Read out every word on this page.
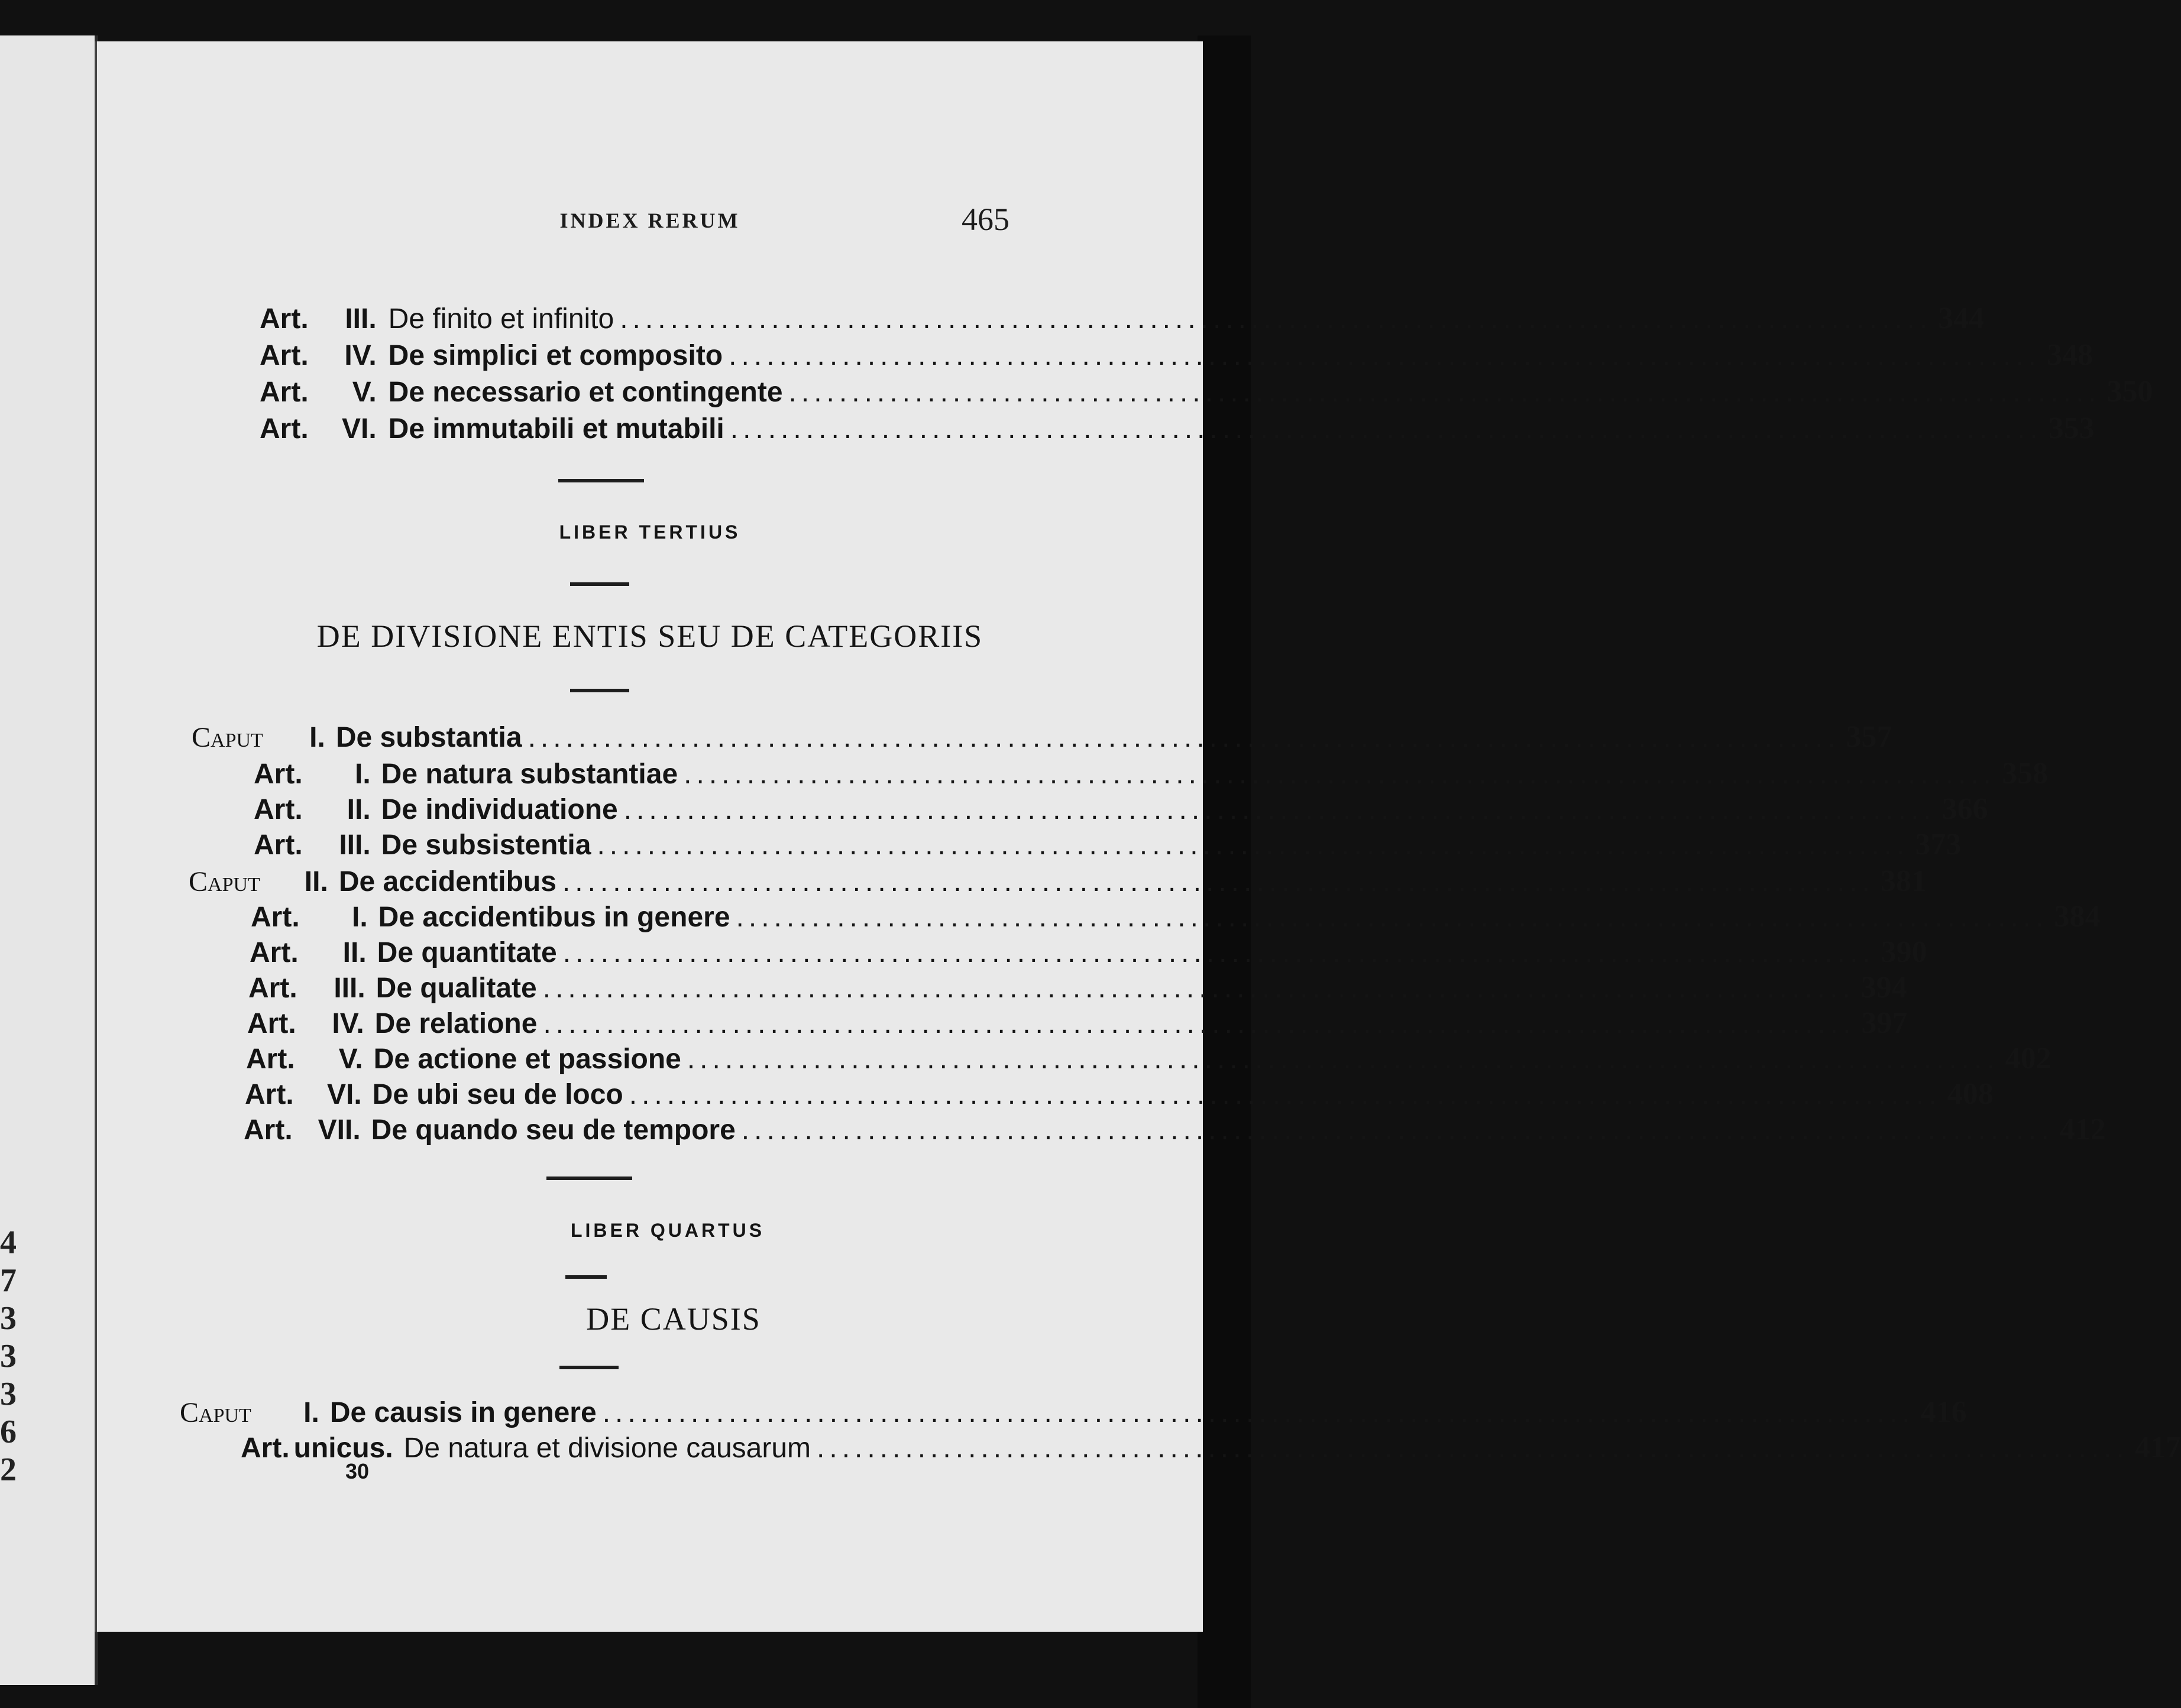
4
7
3
3
3
6
2
INDEX RERUM	465
Art.	III. De finito et infinito ........................................................................................................ 344
Art.	IV. De simplici et composito ........................................................................................................ 348
Art.	V. De necessario et contingente ........................................................................................................ 350
Art.	VI. De immutabili et mutabili ........................................................................................................ 353
LIBER TERTIUS
DE DIVISIONE ENTIS SEU DE CATEGORIIS
Caput	I. De substantia ........................................................................................................ 357
Art.	I. De natura substantiae ........................................................................................................ 358
Art.	II. De individuatione ........................................................................................................ 366
Art.	III. De subsistentia ........................................................................................................ 373
Caput	II. De accidentibus ........................................................................................................ 381
Art.	I. De accidentibus in genere ........................................................................................................ 384
Art.	II. De quantitate ........................................................................................................ 390
Art.	III. De qualitate ........................................................................................................ 394
Art.	IV. De relatione ........................................................................................................ 397
Art.	V. De actione et passione ........................................................................................................ 402
Art.	VI. De ubi seu de loco ........................................................................................................ 408
Art. VII. De quando seu de tempore ........................................................................................................ 412
LIBER QUARTUS
DE CAUSIS
Caput	I. De causis in genere ........................................................................................................ 416
Art. unicus. De natura et divisione causarum ........................................................................................................ 417
30
